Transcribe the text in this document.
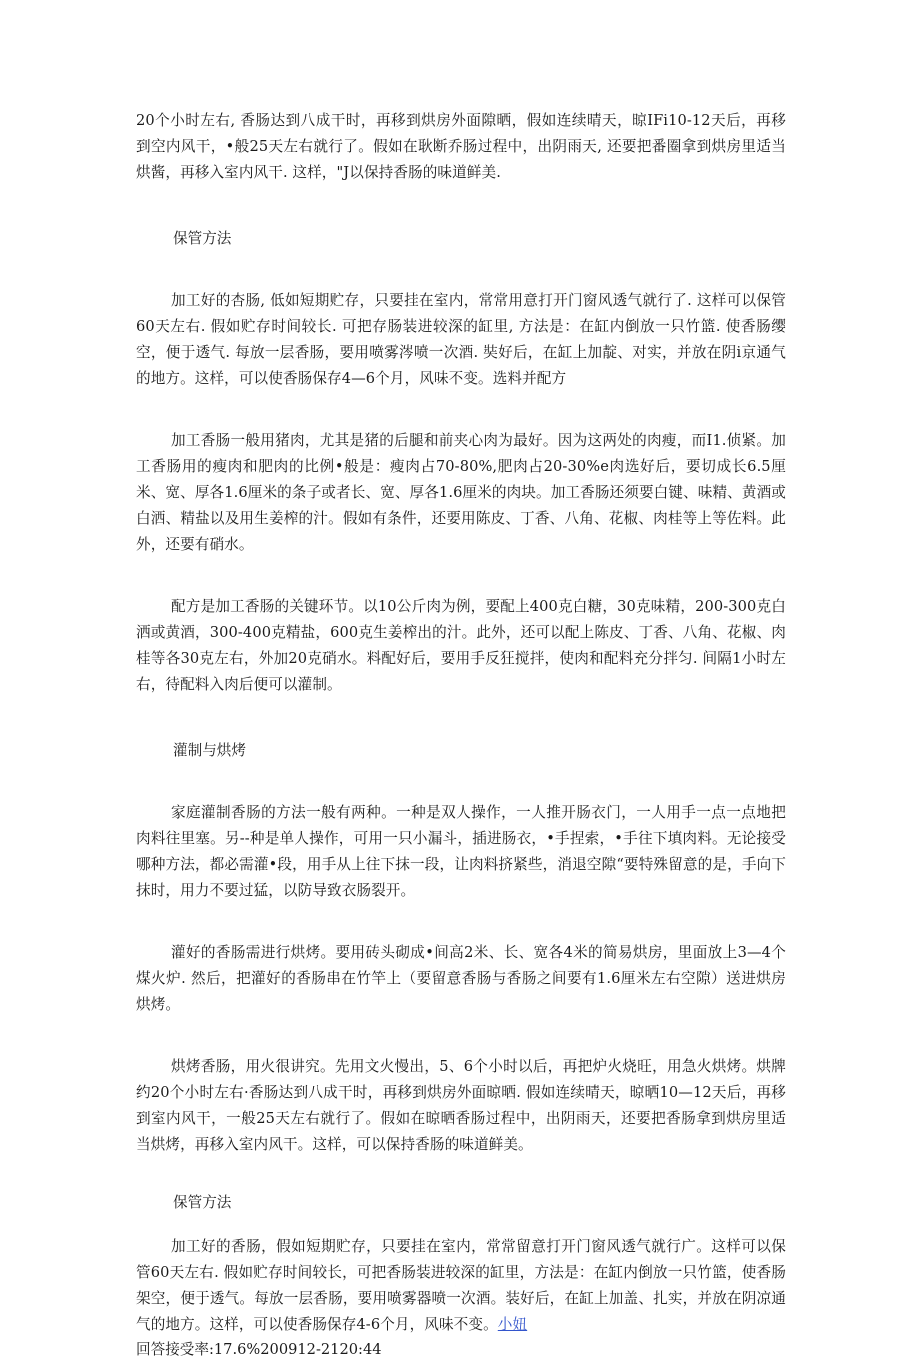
20个小时左右, 香肠达到八成干时，再移到烘房外面隙晒，假如连续晴天，晾IFi10-12天后，再移到空内风干，•般25天左右就行了。假如在耿断乔肠过程中，出阴雨天, 还要把番圈拿到烘房里适当烘酱，再移入室内风干. 这样，"J以保持香肠的味道鲜美.

保管方法

加工好的杏肠, 低如短期贮存，只要挂在室内，常常用意打开门窗风透气就行了. 这样可以保管60天左右. 假如贮存时间较长. 可把存肠装进较深的缸里, 方法是：在缸内倒放一只竹篮. 使香肠缨空，便于透气. 每放一层香肠，要用喷雾涔喷一次酒. 奘好后，在缸上加靛、对实，并放在阴i京通气的地方。这样，可以使香肠保存4—6个月，风味不变。选料并配方

加工香肠一般用猪肉，尤其是猪的后腿和前夹心肉为最好。因为这两处的肉瘦，而I1.侦紧。加工香肠用的瘦肉和肥肉的比例•般是：瘦肉占70-80%,肥肉占20-30%e肉选好后，要切成长6.5厘米、宽、厚各1.6厘米的条子或者长、宽、厚各1.6厘米的肉块。加工香肠还须要白键、味精、黄酒或白洒、精盐以及用生姜榨的汁。假如有条件，还要用陈皮、丁香、八角、花椒、肉桂等上等佐料。此外，还要有硝水。

配方是加工香肠的关键环节。以10公斤肉为例，要配上400克白糖，30克味精，200-300克白洒或黄酒，300-400克精盐，600克生姜榨出的汁。此外，还可以配上陈皮、丁香、八角、花椒、肉桂等各30克左右，外加20克硝水。料配好后，要用手反狂搅拌，使肉和配料充分拌匀. 间隔1小时左右，待配料入肉后便可以灌制。

灌制与烘烤

家庭灌制香肠的方法一般有两种。一种是双人操作，一人推开肠衣门，一人用手一点一点地把肉料往里塞。另--种是单人操作，可用一只小漏斗，插进肠衣，•手捏索，•手往下填肉料。无论接受哪种方法，都必需灌•段，用手从上往下抹一段，让肉料挤紧些，消退空隙“要特殊留意的是，手向下抹时，用力不要过猛，以防导致衣肠裂开。

灌好的香肠需进行烘烤。要用砖头砌成•间高2米、长、宽各4米的简易烘房，里面放上3—4个煤火炉. 然后，把灌好的香肠串在竹竿上（要留意香肠与香肠之间要有1.6厘米左右空隙）送进烘房烘烤。

烘烤香肠，用火很讲究。先用文火慢出，5、6个小时以后，再把炉火烧旺，用急火烘烤。烘牌约20个小时左右·香肠达到八成干时，再移到烘房外面晾晒. 假如连续晴天，晾晒10—12天后，再移到室内风干，一般25天左右就行了。假如在晾晒香肠过程中，出阴雨天，还要把香肠拿到烘房里适当烘烤，再移入室内风干。这样，可以保持香肠的味道鲜美。

保管方法

加工好的香肠，假如短期贮存，只要挂在室内，常常留意打开门窗风透气就行广。这样可以保管60天左右. 假如贮存时间较长，可把香肠装进较深的缸里，方法是：在缸内倒放一只竹篮，使香肠架空，便于透气。每放一层香肠，要用喷雾器喷一次酒。装好后，在缸上加盖、扎实，并放在阴凉通气的地方。这样，可以使香肠保存4-6个月，风味不变。小妞

回答接受率:17.6%200912-2120:44
